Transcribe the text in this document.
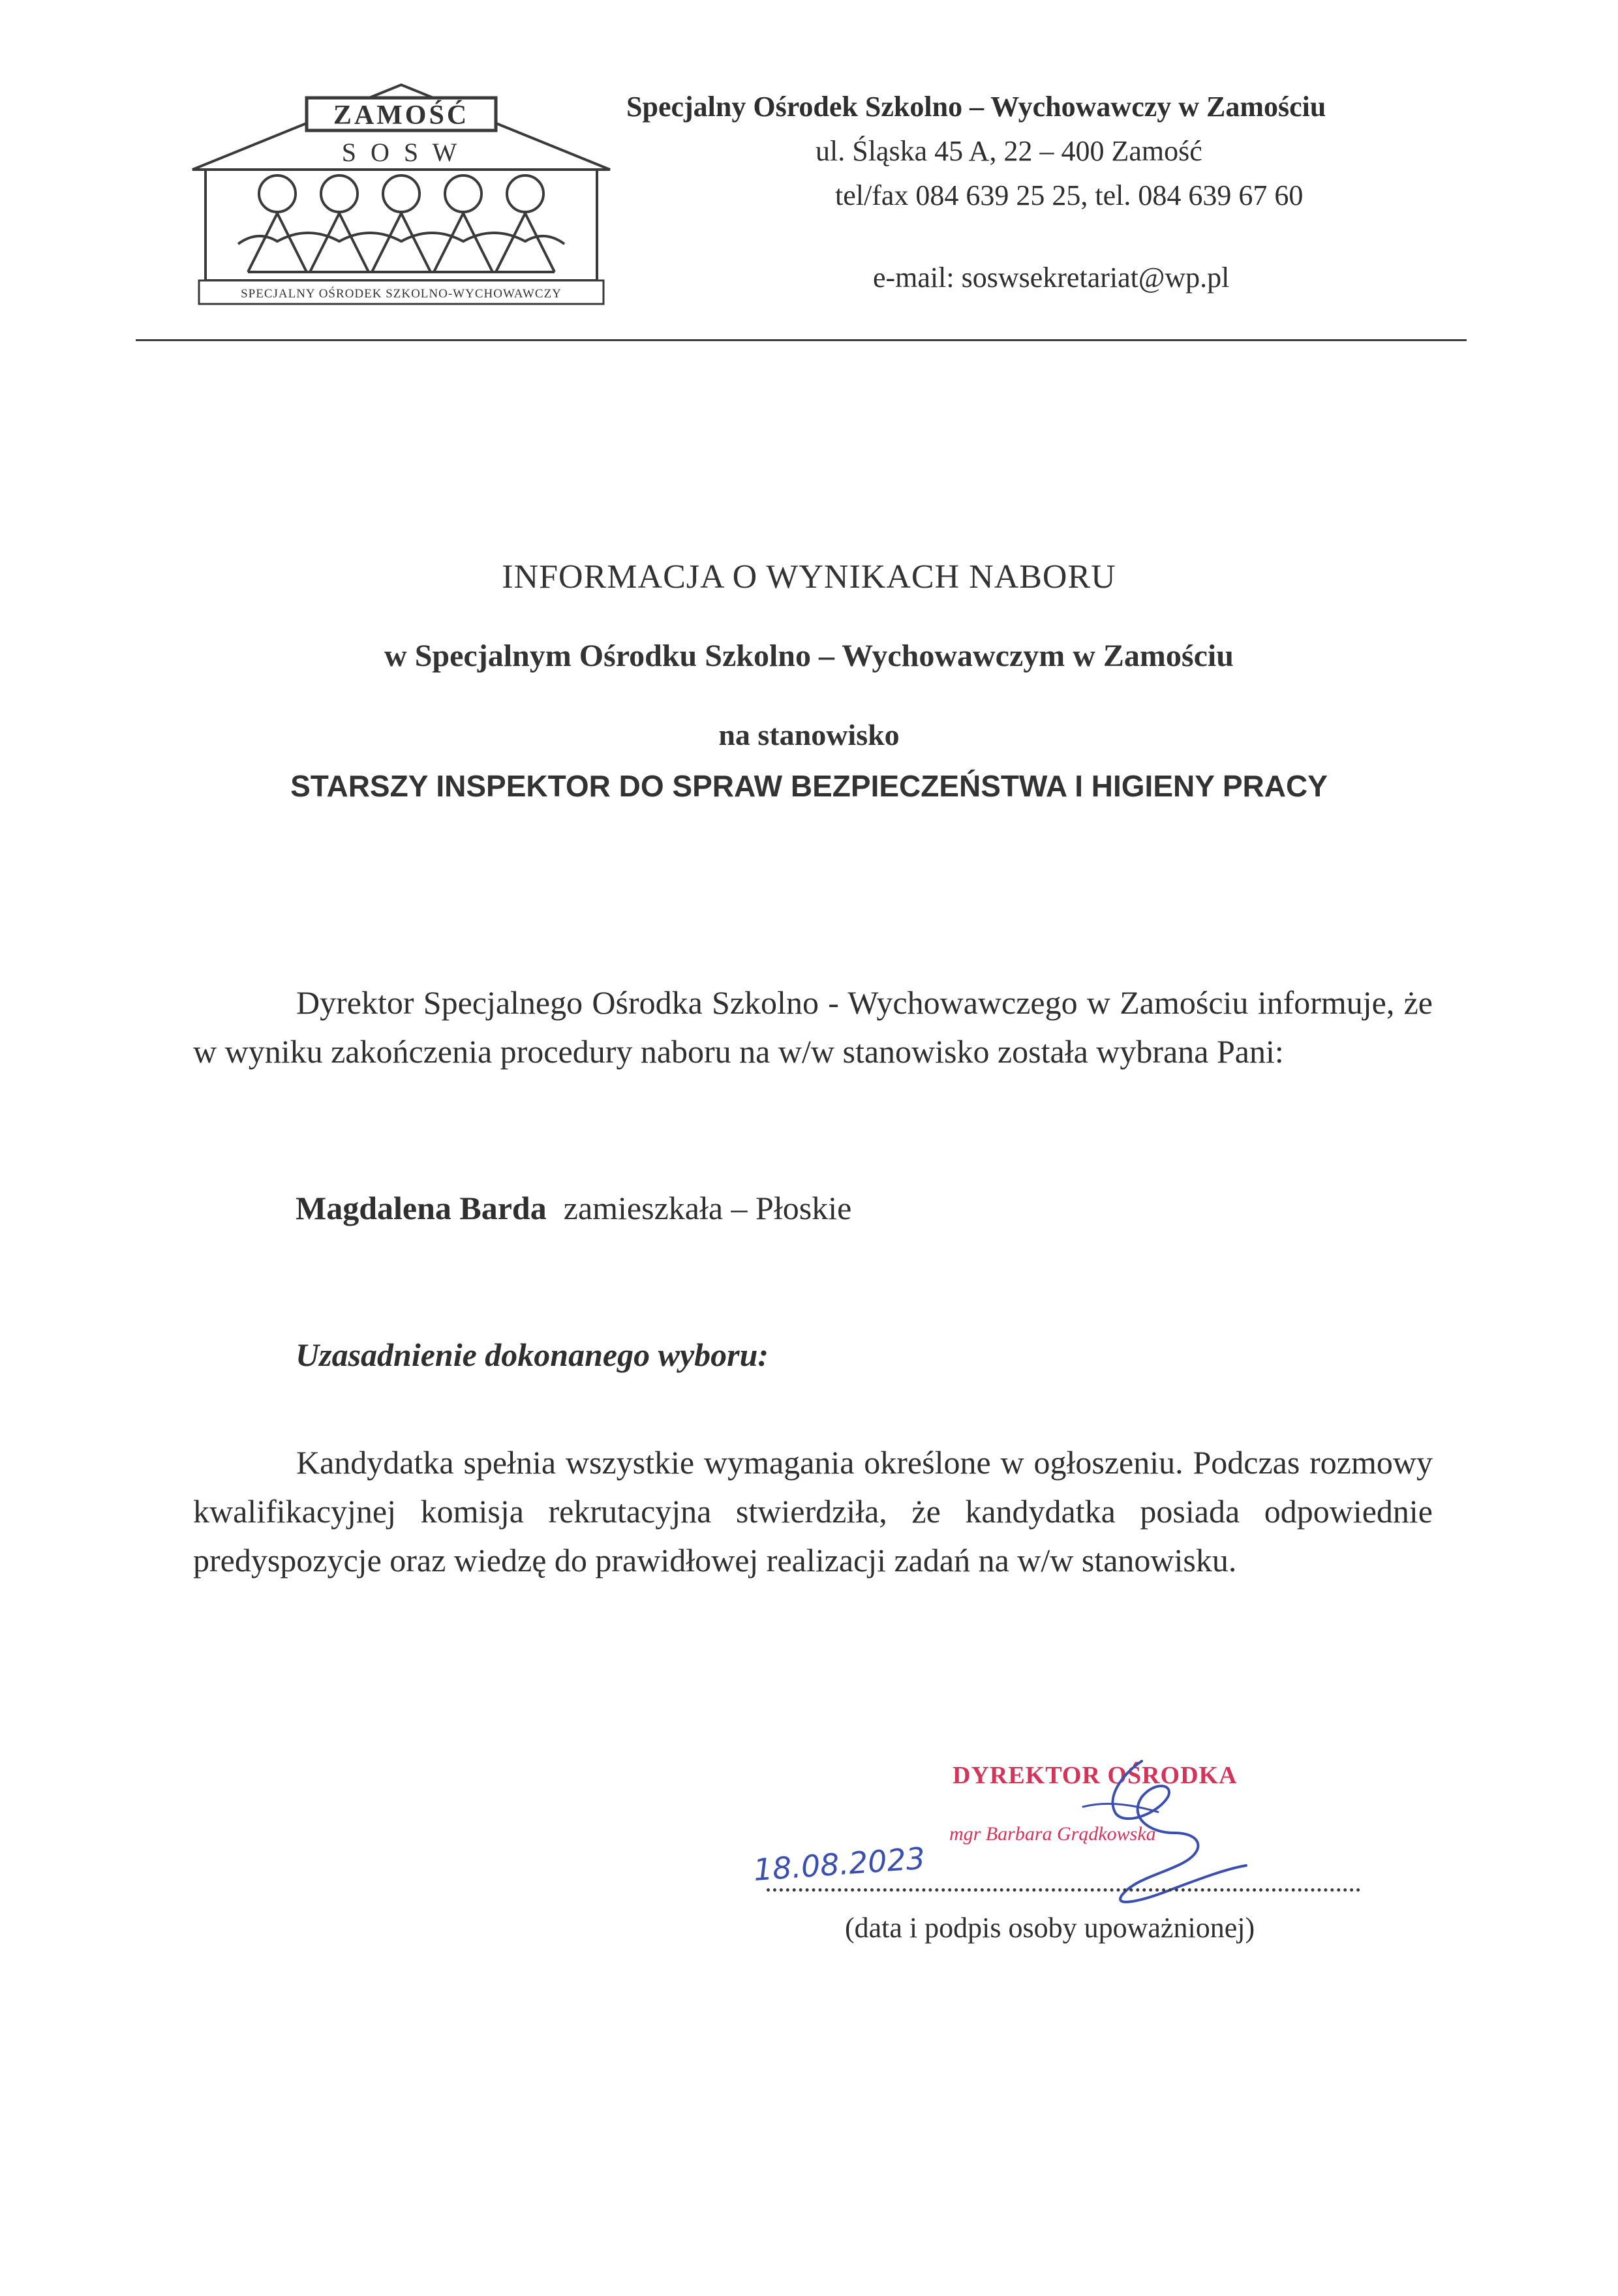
ZAMOŚĆ
S O S W
SPECJALNY OŚRODEK SZKOLNO-WYCHOWAWCZY
Specjalny Ośrodek Szkolno – Wychowawczy w Zamościu
ul. Śląska 45 A, 22 – 400 Zamość
tel/fax 084 639 25 25, tel. 084 639 67 60
e-mail: soswsekretariat@wp.pl
INFORMACJA O WYNIKACH NABORU
w Specjalnym Ośrodku Szkolno – Wychowawczym w Zamościu
na stanowisko
STARSZY INSPEKTOR DO SPRAW BEZPIECZEŃSTWA I HIGIENY PRACY
Dyrektor Specjalnego Ośrodka Szkolno - Wychowawczego w Zamościu informuje, że w wyniku zakończenia procedury naboru na w/w stanowisko została wybrana Pani:
Magdalena Barda zamieszkała – Płoskie
Uzasadnienie dokonanego wyboru:
Kandydatka spełnia wszystkie wymagania określone w ogłoszeniu. Podczas rozmowy kwalifikacyjnej komisja rekrutacyjna stwierdziła, że kandydatka posiada odpowiednie predyspozycje oraz wiedzę do prawidłowej realizacji zadań na w/w stanowisku.
DYREKTOR OŚRODKA
mgr Barbara Grądkowska
18.08.2023
(data i podpis osoby upoważnionej)
